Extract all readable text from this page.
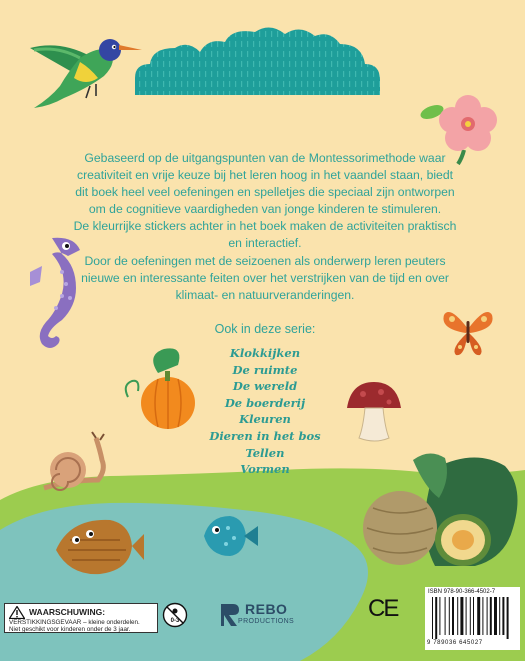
Gebaseerd op de uitgangspunten van de Montessorimethode waar creativiteit en vrije keuze bij het leren hoog in het vaandel staan, biedt dit boek heel veel oefeningen en spelletjes die speciaal zijn ontworpen om de cognitieve vaardigheden van jonge kinderen te stimuleren.

De kleurrijke stickers achter in het boek maken de activiteiten praktisch en interactief.

Door de oefeningen met de seizoenen als onderwerp leren peuters nieuwe en interessante feiten over het verstrijken van de tijd en over klimaat- en natuurveranderingen.

Ook in deze serie:
Klokkijken
De ruimte
De wereld
De boerderij
Kleuren
Dieren in het bos
Tellen
Vormen
WAARSCHUWING:
VERSTIKKINGSGEVAAR – kleine onderdelen.
Niet geschikt voor kinderen onder de 3 jaar.
0-3
REBO
PRODUCTIONS	CE
ISBN 978-90-366-4502-7
9 789036 645027
